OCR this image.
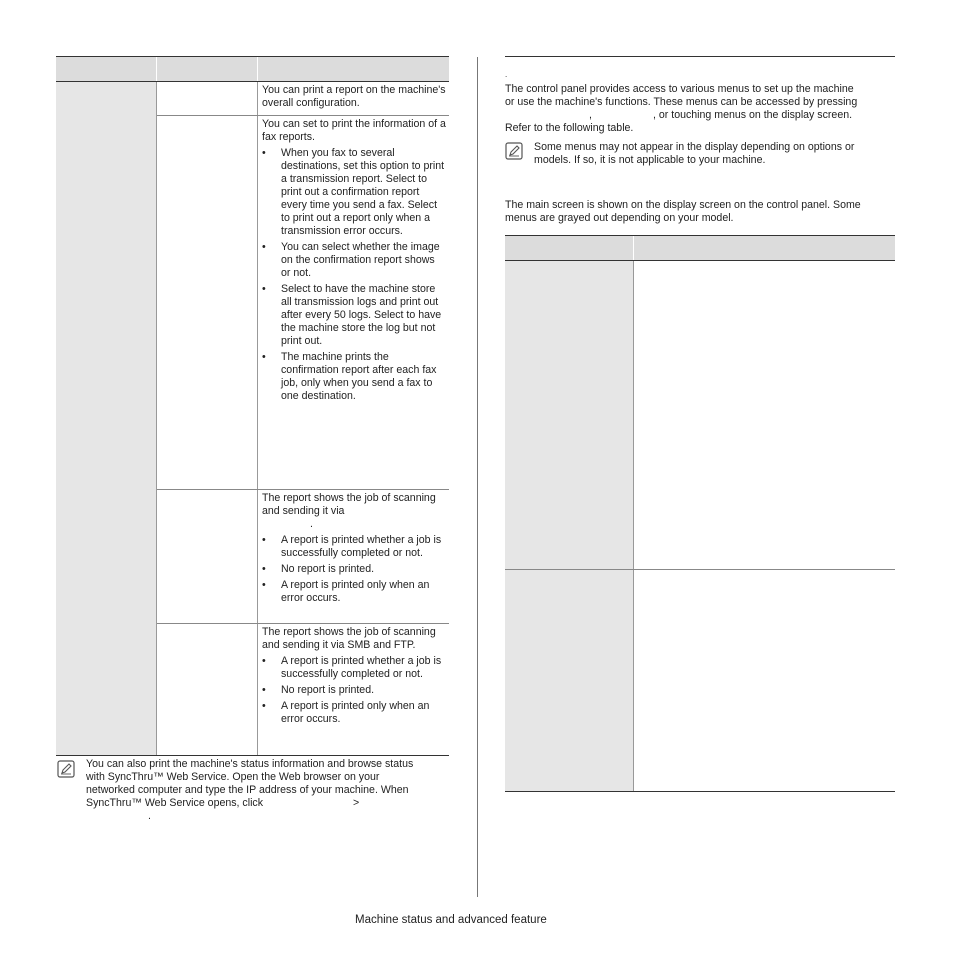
You can print a report on the machine's overall configuration.

You can set to print the information of a fax reports.

• When you fax to several destinations, set this option to print a transmission report. Select to print out a confirmation report every time you send a fax. Select to print out a report only when a transmission error occurs.
• You can select whether the image on the confirmation report shows or not.
• Select to have the machine store all transmission logs and print out after every 50 logs. Select to have the machine store the log but not print out.
• The machine prints the confirmation report after each fax job, only when you send a fax to one destination.

The report shows the job of scanning and sending it via

.

• A report is printed whether a job is successfully completed or not.
• No report is printed.
• A report is printed only when an error occurs.

The report shows the job of scanning and sending it via SMB and FTP.

• A report is printed whether a job is successfully completed or not.
• No report is printed.
• A report is printed only when an error occurs.
You can also print the machine's status information and browse status
with SyncThru™ Web Service. Open the Web browser on your
networked computer and type the IP address of your machine. When
SyncThru™ Web Service opens, click	>
.
.
The control panel provides access to various menus to set up the machine
or use the machine's functions. These menus can be accessed by pressing
,	, or touching menus on the display screen.
Refer to the following table.
Some menus may not appear in the display depending on options or
models. If so, it is not applicable to your machine.
The main screen is shown on the display screen on the control panel. Some
menus are grayed out depending on your model.
Machine status and advanced feature
